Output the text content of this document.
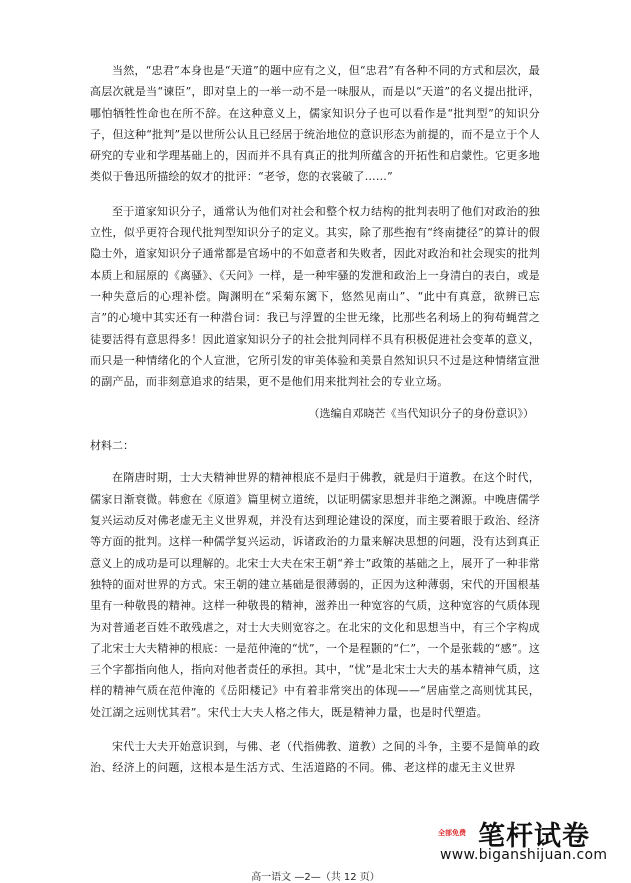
当然，“忠君”本身也是“天道”的题中应有之义，但“忠君”有各种不同的方式和层次，最高层次就是当“谏臣”，即对皇上的一举一动不是一味服从，而是以“天道”的名义提出批评，哪怕牺牲性命也在所不辞。在这种意义上，儒家知识分子也可以看作是“批判型”的知识分子，但这种“批判”是以世所公认且已经居于统治地位的意识形态为前提的，而不是立于个人研究的专业和学理基础上的，因而并不具有真正的批判所蕴含的开拓性和启蒙性。它更多地类似于鲁迅所描绘的奴才的批评：“老爷，您的衣裳破了……”

至于道家知识分子，通常认为他们对社会和整个权力结构的批判表明了他们对政治的独立性，似乎更符合现代批判型知识分子的定义。其实，除了那些抱有“终南捷径”的算计的假隐士外，道家知识分子通常都是官场中的不如意者和失败者，因此对政治和社会现实的批判本质上和屈原的《离骚》、《天问》一样，是一种牢骚的发泄和政治上一身清白的表白，或是一种失意后的心理补偿。陶渊明在“采菊东篱下，悠然见南山”、“此中有真意，欲辨已忘言”的心境中其实还有一种潜台词：我已与浮置的尘世无缘，比那些名利场上的狗苟蝇营之徒要活得有意思得多！因此道家知识分子的社会批判同样不具有积极促进社会变革的意义，而只是一种情绪化的个人宣泄，它所引发的审美体验和美景自然知识只不过是这种情绪宣泄的副产品，而非刻意追求的结果，更不是他们用来批判社会的专业立场。

（选编自邓晓芒《当代知识分子的身份意识》）

材料二：

在隋唐时期，士大夫精神世界的精神根底不是归于佛教，就是归于道教。在这个时代，儒家日渐衰微。韩愈在《原道》篇里树立道统，以证明儒家思想并非绝之渊源。中晚唐儒学复兴运动反对佛老虚无主义世界观，并没有达到理论建设的深度，而主要着眼于政治、经济等方面的批判。这样一种儒学复兴运动，诉诸政治的力量来解决思想的问题，没有达到真正意义上的成功是可以理解的。北宋士大夫在宋王朝“养士”政策的基础之上，展开了一种非常独特的面对世界的方式。宋王朝的建立基础是很薄弱的，正因为这种薄弱，宋代的开国根基里有一种敬畏的精神。这样一种敬畏的精神，滋养出一种宽容的气质，这种宽容的气质体现为对普通老百姓不敢残虐之，对士大夫则宽容之。在北宋的文化和思想当中，有三个字构成了北宋士大夫精神的根底：一是范仲淹的“忧”，一个是程颢的“仁”，一个是张载的“感”。这三个字都指向他人，指向对他者责任的承担。其中，“忧”是北宋士大夫的基本精神气质，这样的精神气质在范仲淹的《岳阳楼记》中有着非常突出的体现——“居庙堂之高则忧其民，处江湖之远则忧其君”。宋代士大夫人格之伟大，既是精神力量，也是时代塑造。

宋代士大夫开始意识到，与佛、老（代指佛教、道教）之间的斗争，主要不是简单的政治、经济上的问题，这根本是生活方式、生活道路的不同。佛、老这样的虚无主义世界

全部免费 笔杆试卷
www.biganshijuan.com
高一语文 —2—（共 12 页）
